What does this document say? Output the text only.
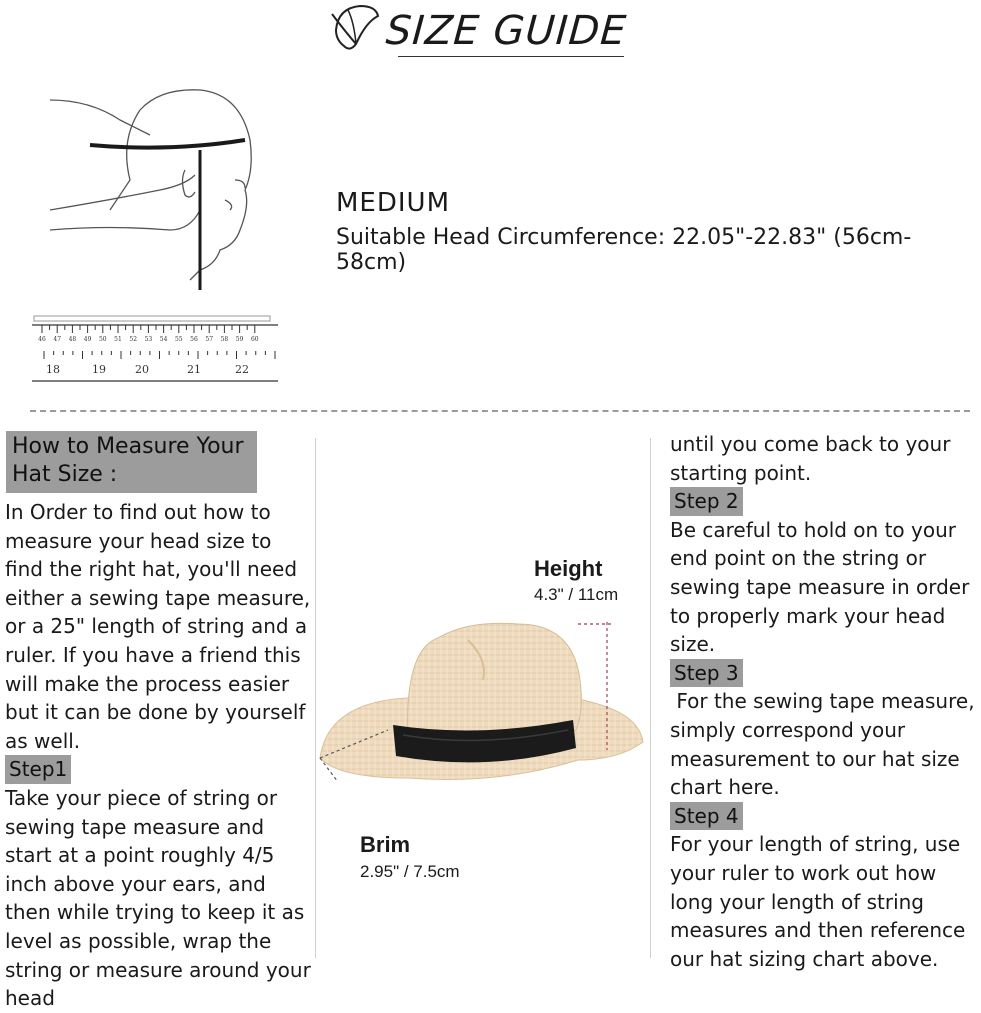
SIZE GUIDE
MEDIUM
Suitable Head Circumference: 22.05"-22.83" (56cm-58cm)
46 47 48 49 50 51 52 53 54 55 56 57 58 59 60
18	19	20	21	22
How to Measure Your Hat Size :
In Order to find out how to measure your head size to find the right hat, you'll need either a sewing tape measure, or a 25" length of string and a ruler. If you have a friend this will make the process easier but it can be done by yourself as well.
Step1
Take your piece of string or sewing tape measure and start at a point roughly 4/5 inch above your ears, and then while trying to keep it as level as possible, wrap the string or measure around your head
Height
4.3" / 11cm
Brim
2.95" / 7.5cm
until you come back to your starting point.
Step 2
Be careful to hold on to your end point on the string or sewing tape measure in order to properly mark your head size.
Step 3
For the sewing tape measure, simply correspond your measurement to our hat size chart here.
Step 4
For your length of string, use your ruler to work out how long your length of string measures and then reference our hat sizing chart above.
